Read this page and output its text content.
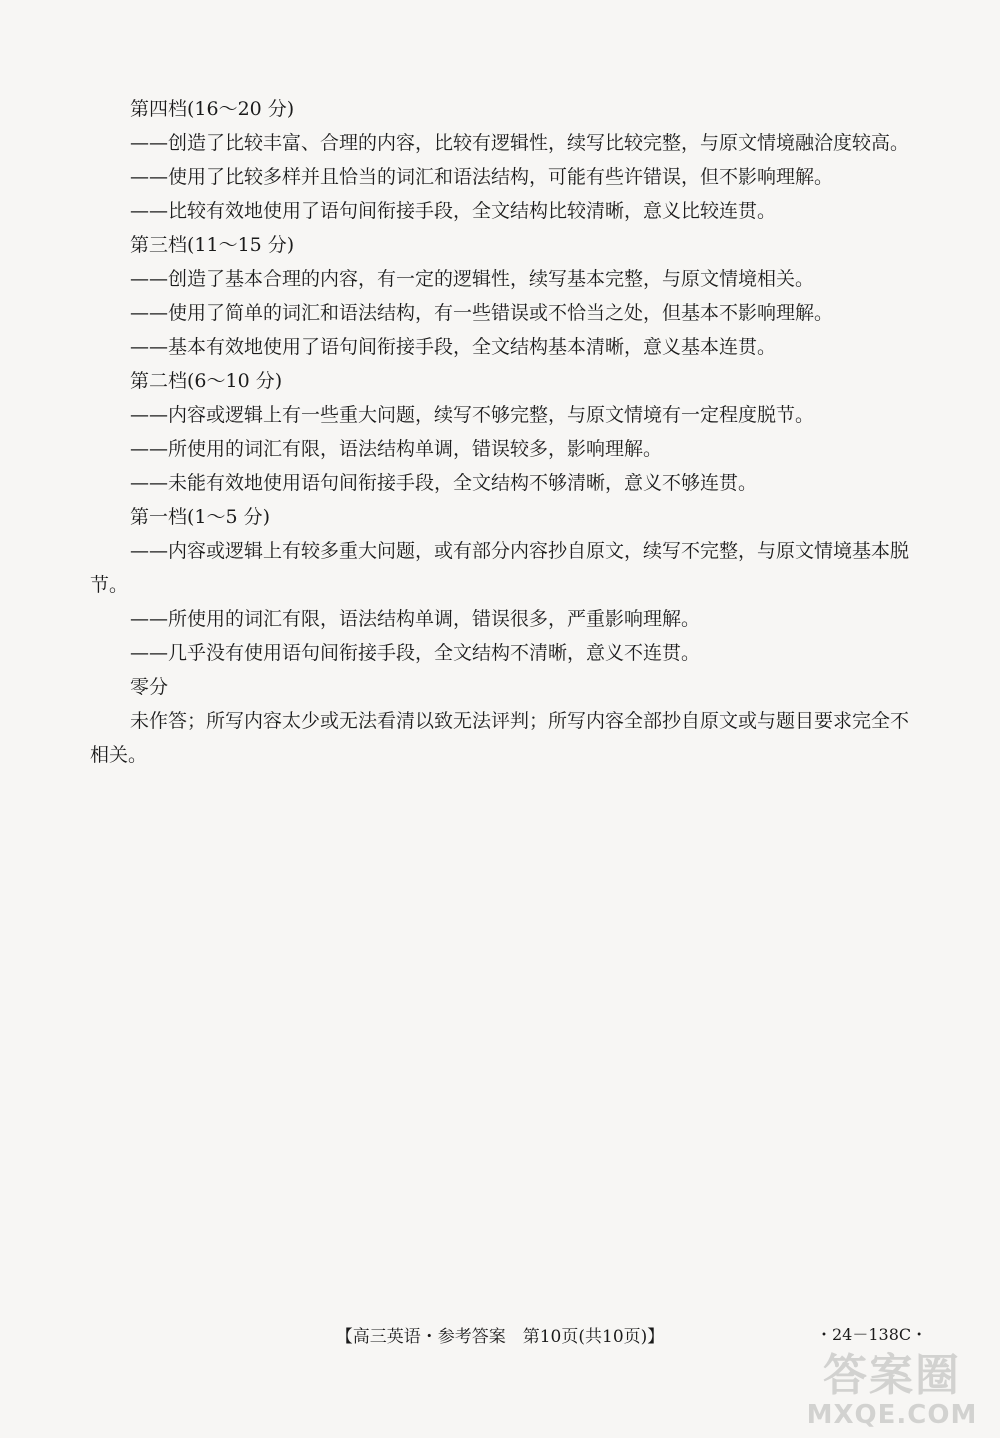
第四档(16～20 分)
——创造了比较丰富、合理的内容，比较有逻辑性，续写比较完整，与原文情境融洽度较高。
——使用了比较多样并且恰当的词汇和语法结构，可能有些许错误，但不影响理解。
——比较有效地使用了语句间衔接手段，全文结构比较清晰，意义比较连贯。
第三档(11～15 分)
——创造了基本合理的内容，有一定的逻辑性，续写基本完整，与原文情境相关。
——使用了简单的词汇和语法结构，有一些错误或不恰当之处，但基本不影响理解。
——基本有效地使用了语句间衔接手段，全文结构基本清晰，意义基本连贯。
第二档(6～10 分)
——内容或逻辑上有一些重大问题，续写不够完整，与原文情境有一定程度脱节。
——所使用的词汇有限，语法结构单调，错误较多，影响理解。
——未能有效地使用语句间衔接手段，全文结构不够清晰，意义不够连贯。
第一档(1～5 分)
——内容或逻辑上有较多重大问题，或有部分内容抄自原文，续写不完整，与原文情境基本脱节。
——所使用的词汇有限，语法结构单调，错误很多，严重影响理解。
——几乎没有使用语句间衔接手段，全文结构不清晰，意义不连贯。
零分
未作答；所写内容太少或无法看清以致无法评判；所写内容全部抄自原文或与题目要求完全不相关。
【高三英语・参考答案　第10页(共10页)】	・24－138C・
答案圈
MXQE.COM
